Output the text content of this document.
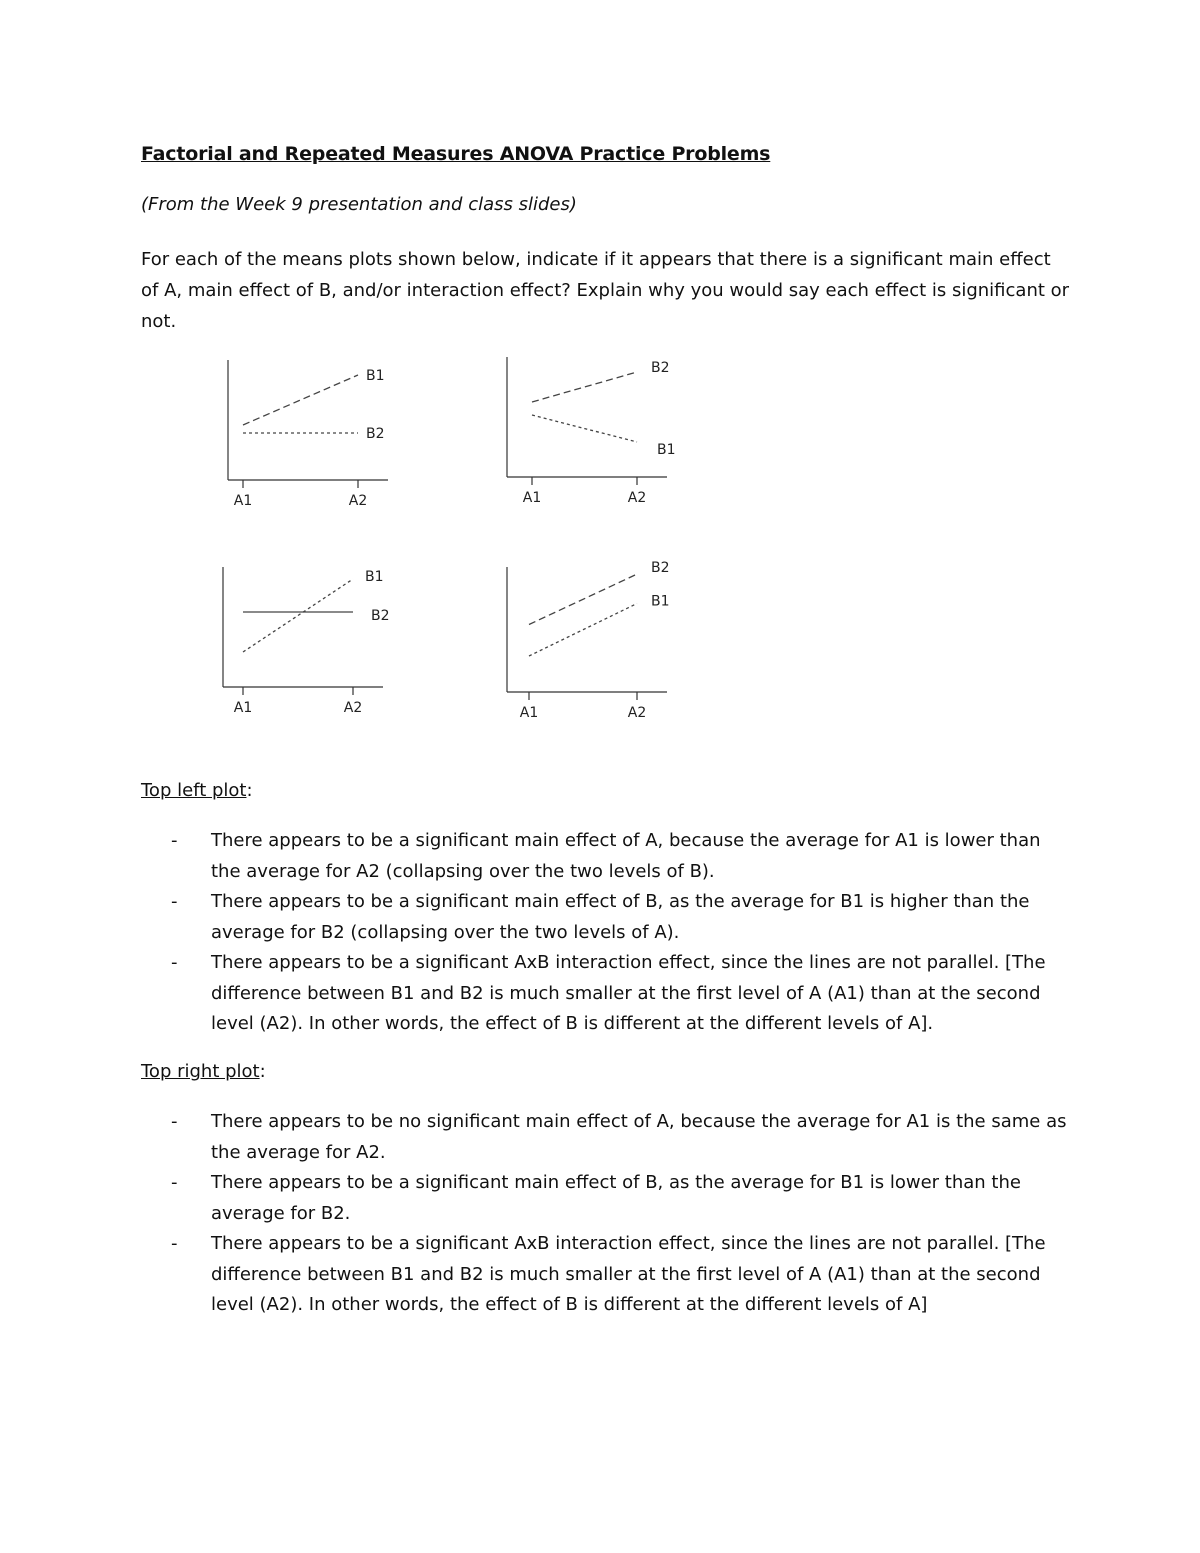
Factorial and Repeated Measures ANOVA Practice Problems
(From the Week 9 presentation and class slides)

For each of the means plots shown below, indicate if it appears that there is a significant main effect of A, main effect of B, and/or interaction effect? Explain why you would say each effect is significant or not.

A1	A2
B1
B2
A1	A2
B2
B1
A1	A2
B1
B2
A1	A2
B2
B1
Top left plot:
- There appears to be a significant main effect of A, because the average for A1 is lower than the average for A2 (collapsing over the two levels of B).
- There appears to be a significant main effect of B, as the average for B1 is higher than the average for B2 (collapsing over the two levels of A).
- There appears to be a significant AxB interaction effect, since the lines are not parallel. [The difference between B1 and B2 is much smaller at the first level of A (A1) than at the second level (A2). In other words, the effect of B is different at the different levels of A].
Top right plot:
- There appears to be no significant main effect of A, because the average for A1 is the same as the average for A2.
- There appears to be a significant main effect of B, as the average for B1 is lower than the average for B2.
- There appears to be a significant AxB interaction effect, since the lines are not parallel. [The difference between B1 and B2 is much smaller at the first level of A (A1) than at the second level (A2). In other words, the effect of B is different at the different levels of A]
